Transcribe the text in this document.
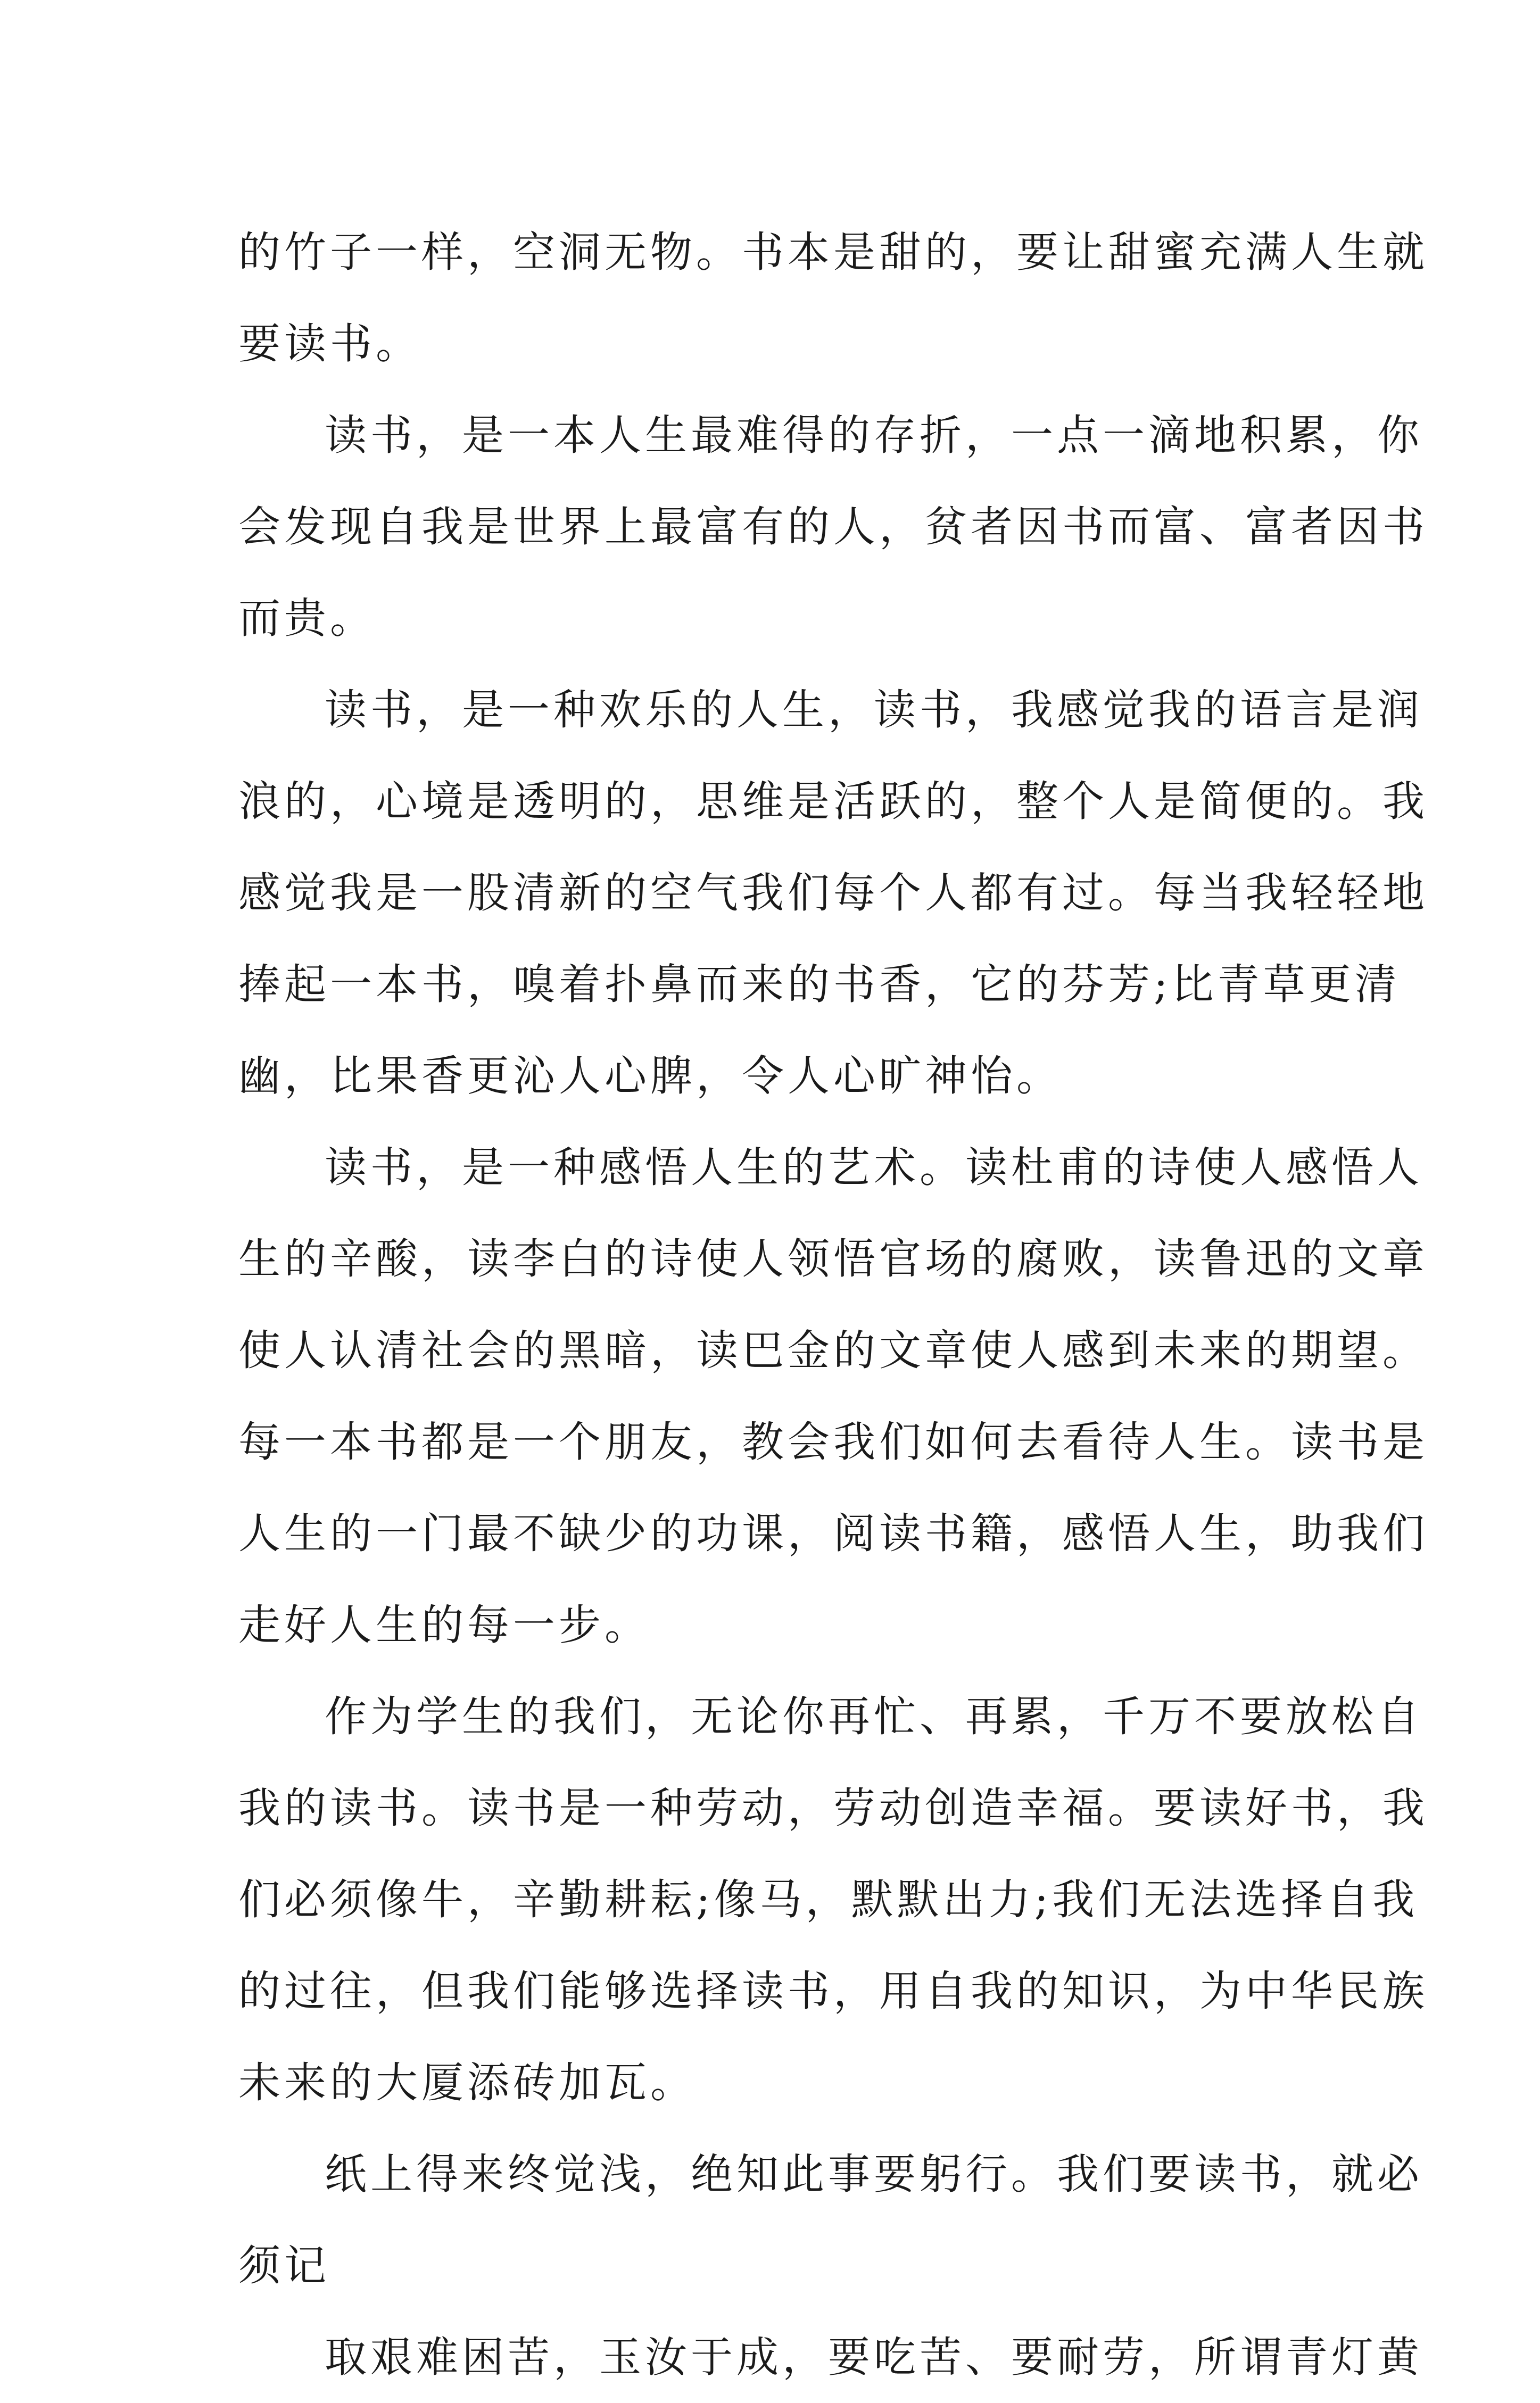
的竹子一样，空洞无物。书本是甜的，要让甜蜜充满人生就
要读书。
读书，是一本人生最难得的存折，一点一滴地积累，你
会发现自我是世界上最富有的人，贫者因书而富、富者因书
而贵。
读书，是一种欢乐的人生，读书，我感觉我的语言是润
浪的，心境是透明的，思维是活跃的，整个人是简便的。我
感觉我是一股清新的空气我们每个人都有过。每当我轻轻地
捧起一本书，嗅着扑鼻而来的书香，它的芬芳;比青草更清
幽，比果香更沁人心脾，令人心旷神怡。
读书，是一种感悟人生的艺术。读杜甫的诗使人感悟人
生的辛酸，读李白的诗使人领悟官场的腐败，读鲁迅的文章
使人认清社会的黑暗，读巴金的文章使人感到未来的期望。
每一本书都是一个朋友，教会我们如何去看待人生。读书是
人生的一门最不缺少的功课，阅读书籍，感悟人生，助我们
走好人生的每一步。
作为学生的我们，无论你再忙、再累，千万不要放松自
我的读书。读书是一种劳动，劳动创造幸福。要读好书，我
们必须像牛，辛勤耕耘;像马，默默出力;我们无法选择自我
的过往，但我们能够选择读书，用自我的知识，为中华民族
未来的大厦添砖加瓦。
纸上得来终觉浅，绝知此事要躬行。我们要读书，就必
须记
取艰难困苦，玉汝于成，要吃苦、要耐劳，所谓青灯黄
